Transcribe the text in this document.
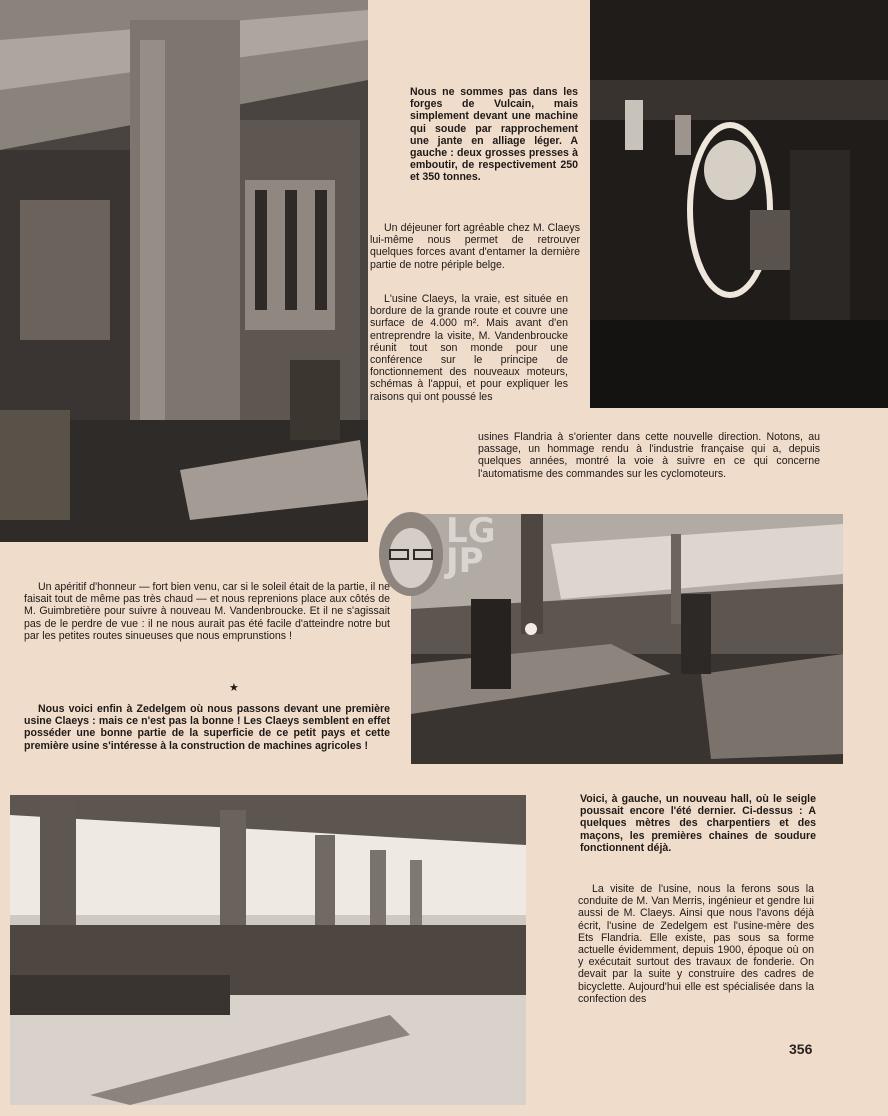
LG
JP
Nous ne sommes pas dans les forges de Vulcain, mais simplement devant une machine qui soude par rapprochement une jante en alliage léger. A gauche : deux grosses presses à emboutir, de respectivement 250 et 350 tonnes.
Un déjeuner fort agréable chez M. Claeys lui-même nous permet de retrouver quelques forces avant d'entamer la dernière partie de notre périple belge.
L'usine Claeys, la vraie, est située en bordure de la grande route et couvre une surface de 4.000 m². Mais avant d'en entreprendre la visite, M. Vandenbroucke réunit tout son monde pour une conférence sur le principe de fonctionnement des nouveaux moteurs, schémas à l'appui, et pour expliquer les raisons qui ont poussé les
usines Flandria à s'orienter dans cette nouvelle direction. Notons, au passage, un hommage rendu à l'industrie française qui a, depuis quelques années, montré la voie à suivre en ce qui concerne l'automatisme des commandes sur les cyclomoteurs.
Un apéritif d'honneur — fort bien venu, car si le soleil était de la partie, il ne faisait tout de même pas très chaud — et nous reprenions place aux côtés de M. Guimbretière pour suivre à nouveau M. Vandenbroucke. Et il ne s'agissait pas de le perdre de vue : il ne nous aurait pas été facile d'atteindre notre but par les petites routes sinueuses que nous emprunstions !
★
Nous voici enfin à Zedelgem où nous passons devant une première usine Claeys : mais ce n'est pas la bonne ! Les Claeys semblent en effet posséder une bonne partie de la superficie de ce petit pays et cette première usine s'intéresse à la construction de machines agricoles !
Voici, à gauche, un nouveau hall, où le seigle poussait encore l'été dernier. Ci-dessus : A quelques mètres des charpentiers et des maçons, les premières chaines de soudure fonctionnent déjà.
La visite de l'usine, nous la ferons sous la conduite de M. Van Merris, ingénieur et gendre lui aussi de M. Claeys. Ainsi que nous l'avons déjà écrit, l'usine de Zedelgem est l'usine-mère des Ets Flandria. Elle existe, pas sous sa forme actuelle évidemment, depuis 1900, époque où on y exécutait surtout des travaux de fonderie. On devait par la suite y construire des cadres de bicyclette. Aujourd'hui elle est spécialisée dans la confection des
356
